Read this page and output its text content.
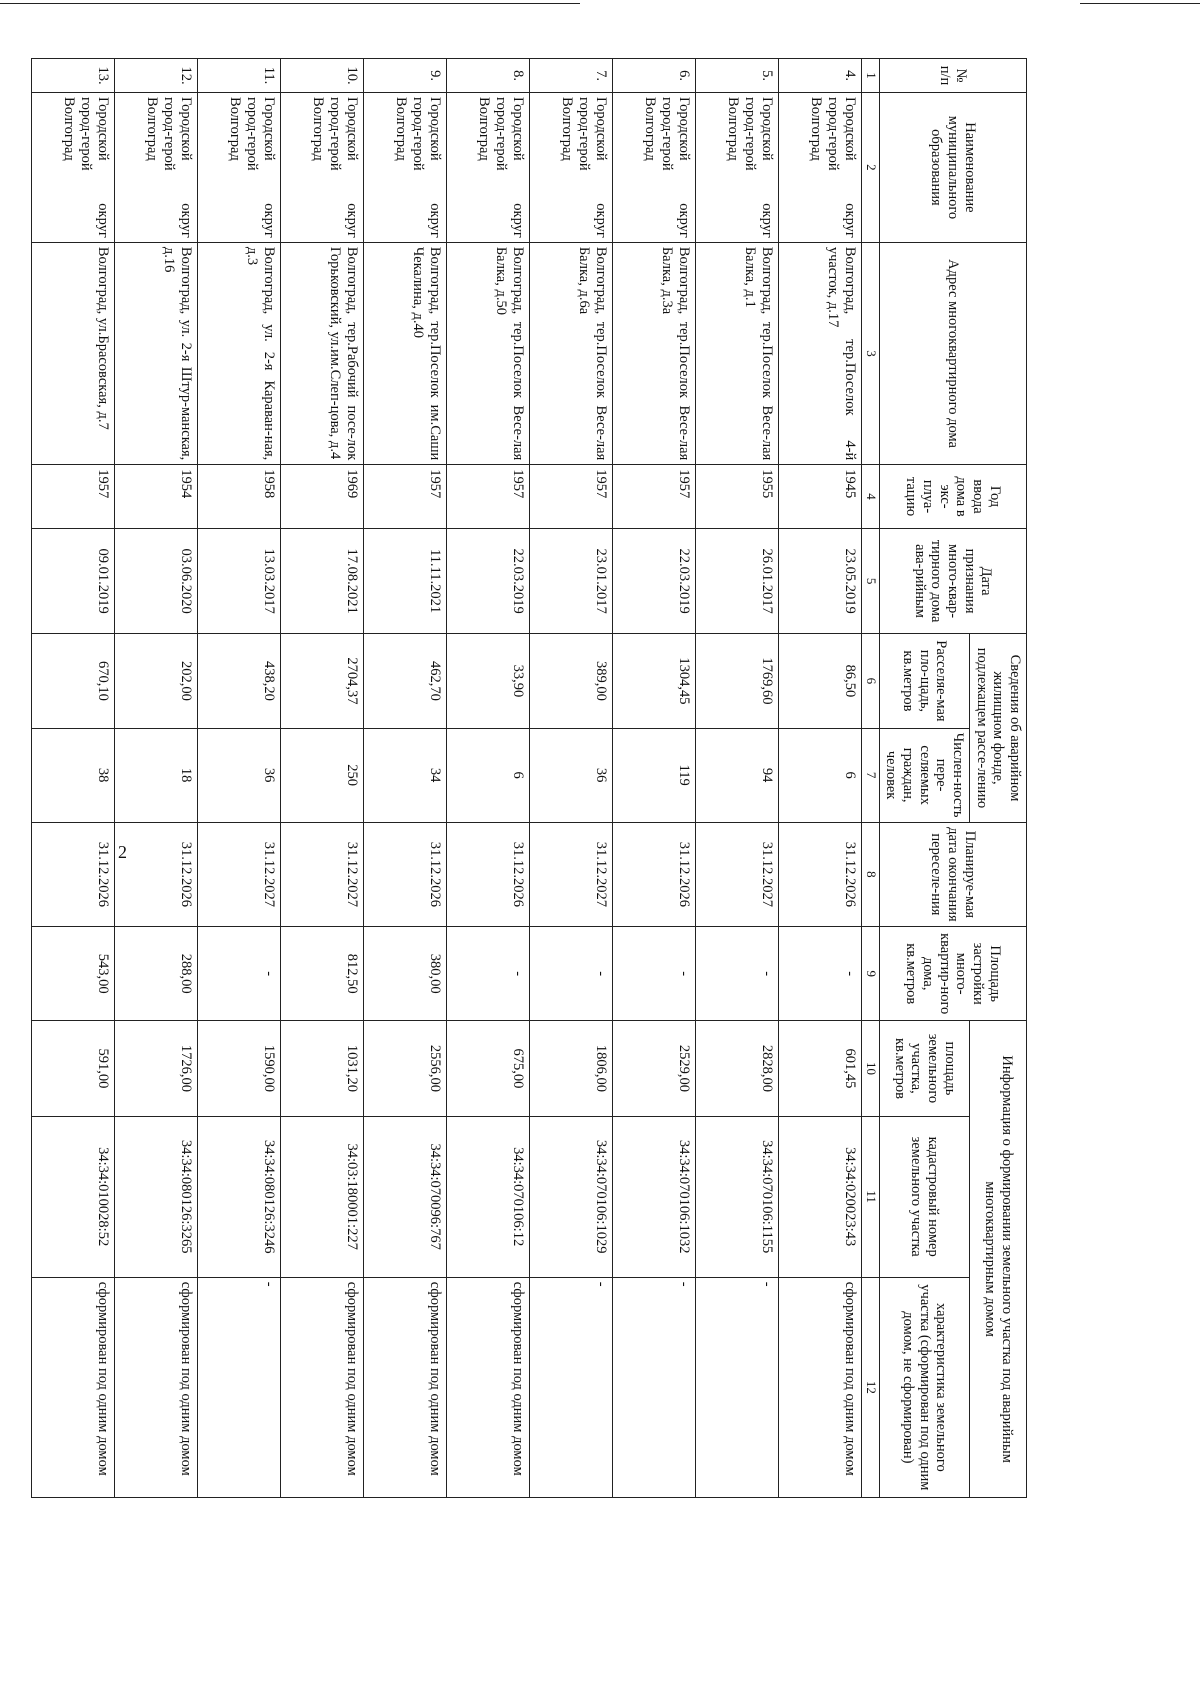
2
№ п/п	Наименование муниципального образования	Адрес многоквартирного дома	Год ввода дома в экс-плуа-тацию	Дата признания много-квар-тирного дома ава-рийным	Сведения об аварийном жилищном фонде, подлежащем рассе-лению		Планируе-мая дата окончания переселе-ния	Площадь застройки много-квартир-ного дома, кв.метров	Информация о формировании земельного участка под аварийным многоквартирным домом		
					Расселяе-мая пло-щадь, кв.метров	Числен-ность пере-селяемых граждан, человек			площадь земельного участка, кв.метров	кадастровый номер земельного участка	характеристика земельного участка (сформирован под одним домом, не сформирован)
1	2	3	4	5	6	7	8	9	10	11	12
4.	Городской округ город-герой Волгоград	Волгоград, тер.Поселок 4-й участок, д.17	1945	23.05.2019	86,50	6	31.12.2026	-	601,45	34:34:020023:43	сформирован под одним домом
5.	Городской округ город-герой Волгоград	Волгоград, тер.Поселок Весе-лая Балка, д.1	1955	26.01.2017	1769,60	94	31.12.2027	-	2828,00	34:34:070106:1155	-
6.	Городской округ город-герой Волгоград	Волгоград, тер.Поселок Весе-лая Балка, д.3а	1957	22.03.2019	1304,45	119	31.12.2026	-	2529,00	34:34:070106:1032	-
7.	Городской округ город-герой Волгоград	Волгоград, тер.Поселок Весе-лая Балка, д.6а	1957	23.01.2017	389,00	36	31.12.2027	-	1806,00	34:34:070106:1029	-
8.	Городской округ город-герой Волгоград	Волгоград, тер.Поселок Весе-лая Балка, д.50	1957	22.03.2019	33,90	6	31.12.2026	-	675,00	34:34:070106:12	сформирован под одним домом
9.	Городской округ город-герой Волгоград	Волгоград, тер.Поселок им.Саши Чекалина, д.40	1957	11.11.2021	462,70	34	31.12.2026	380,00	2556,00	34:34:070096:767	сформирован под одним домом
10.	Городской округ город-герой Волгоград	Волгоград, тер.Рабочий посе-лок Горьковский, ул.им.Слеп-цова, д.4	1969	17.08.2021	2704,37	250	31.12.2027	812,50	1031,20	34:03:180001:227	сформирован под одним домом
11.	Городской округ город-герой Волгоград	Волгоград, ул. 2-я Караван-ная, д.3	1958	13.03.2017	438,20	36	31.12.2027	-	1590,00	34:34:080126:3246	-
12.	Городской округ город-герой Волгоград	Волгоград, ул. 2-я Штур-манская, д.16	1954	03.06.2020	202,00	18	31.12.2026	288,00	1726,00	34:34:080126:3265	сформирован под одним домом
13.	Городской округ город-герой Волгоград	Волгоград, ул.Брасовская, д.7	1957	09.01.2019	670,10	38	31.12.2026	543,00	591,00	34:34:010028:52	сформирован под одним домом
